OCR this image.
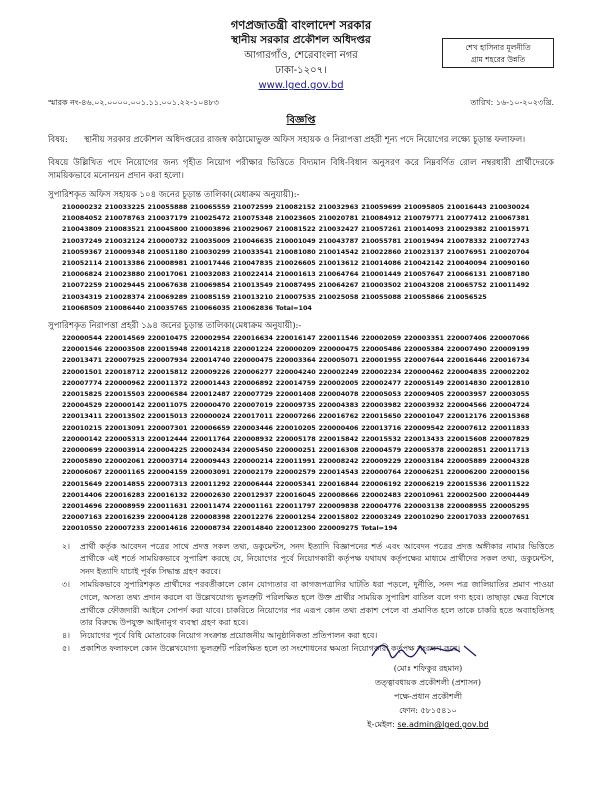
গণপ্রজাতন্ত্রী বাংলাদেশ সরকার
স্থানীয় সরকার প্রকৌশল অধিদপ্তর
আগারগাঁও, শেরেবাংলা নগর
ঢাকা-১২০৭।
www.lged.gov.bd
শেখ হাসিনার মূলনীতি
গ্রাম শহরের উন্নতি
স্মারক নং-৪৬.০২.০০০০.০০১.১১.০০১.২২-১০৪৮৩	তারিখ: ১৬-১০-২০২৩খ্রি.
বিজ্ঞপ্তি
বিষয়:	স্থানীয় সরকার প্রকৌশল অধিদপ্তরের রাজস্ব কাঠামোভুক্ত অফিস সহায়ক ও নিরাপত্তা প্রহরী শূন্য পদে নিয়োগের লক্ষ্যে চূড়ান্ত ফলাফল।
বিষয়ে উল্লিখিত পদে নিয়োগের জন্য গৃহীত নিয়োগ পরীক্ষার ভিত্তিতে বিদ্যমান বিধি-বিধান অনুসরণ করে নিম্নবর্ণিত রোল নম্বরধারী প্রার্থীদেরকে সাময়িকভাবে মনোনয়ন প্রদান করা হলো।
সুপারিশকৃত অফিস সহায়ক ১০৪ জনের চূড়ান্ত তালিকা(মেধাক্রম অনুযায়ী):-
210000232 210033225 210055888 210065559 210072599 210082152 210032963 210059699 210095805 210016443 210030024
210084052 210078763 210037179 210025472 210075348 210023605 210020781 210084912 210079771 210077412 210067381
210043809 210083521 210045800 210003896 210029067 210081522 210032427 210057261 210014093 210029382 210015971
210037249 210032124 210000732 210035009 210046635 210001049 210043787 210055781 210019494 210078332 210072743
210059367 210009348 210051180 210030299 210033541 210081080 210014542 210022860 210023137 210076951 210020704
210052114 210013386 210008981 210017446 210047835 210026605 210013612 210014086 210042142 210040094 210090160
210006824 210023880 210017061 210032083 210022414 210001613 210064764 210001449 210057647 210066131 210087180
210072259 210029445 210067638 210069854 210013549 210087495 210064267 210003502 210043208 210065752 210011492
210034319 210028374 210069289 210085159 210013210 210007535 210025058 210055088 210055866 210056525
210068509 210086440 210035765 210066035 210062836 Total=104
সুপারিশকৃত নিরাপত্তা প্রহরী ১৯৪ জনের চূড়ান্ত তালিকা(মেধাক্রম অনুযায়ী):-
220000544 220014569 220010475 220002954 220016634 220016147 220011546 220002059 220003351 220007406 220007066
220001546 220003508 220015948 220014218 220001224 220000209 220000475 220005486 220005384 220007490 220009199
220013471 220007925 220007934 220014740 220000475 220003364 220005071 220001955 220007644 220016446 220016734
220001501 220018712 220015812 220009226 220006277 220004240 220002249 220002234 220000462 220004835 220002202
220007774 220000962 220011372 220001443 220006892 220014759 220002005 220002477 220005149 220014830 220012810
220015825 220015503 220006584 220012487 220007729 220001408 220004078 220005053 220009405 220003957 220003055
220004529 220000142 220011075 220000470 220007019 220009735 220004383 220003982 220003932 220004566 220004724
220013411 220013502 220015013 220000024 220017011 220007266 220016762 220015650 220001047 220012176 220015368
220010215 220013091 220007301 220006659 220003446 220010205 220000406 220013716 220009542 220007612 220011833
220000142 220005313 220012444 220011764 220008932 220005178 220015842 220015532 220013433 220015608 220007829
220000699 220003914 220004225 220002434 220005450 220000251 220016308 220004579 220005378 220002851 220011713
220005890 220002061 220003714 220009443 220000214 220011991 220008242 220009229 220003184 220005889 220004328
220006067 220001165 220004159 220003091 220002179 220002579 220014543 220000764 220006251 220006200 220000156
220015649 220014855 220007313 220011292 220006444 220005341 220016844 220006192 220006219 220015536 220011522
220014406 220016283 220016132 220002630 220012937 220016045 220008666 220002483 220010961 220002500 220004449
220014696 220008959 220011631 220011474 220001161 220011797 220009838 220004776 220003138 220008955 220005295
220007163 220016239 220004128 220008398 220012276 220001254 220015802 220003249 220010290 220017033 220007651
220010550 220007233 220014616 220008734 220014840 220012300 220009275 Total=194
২।	প্রার্থী কর্তৃক আবেদন পত্রের সাথে প্রদত্ত সকল তথ্য, ডকুমেন্টস, সনদ ইত্যাদি বিজ্ঞাপনের শর্ত এবং আবেদন পত্রের প্রদত্ত অঙ্গীকার নামার ভিত্তিতে প্রার্থীকে এই শর্তে সাময়িকভাবে সুপারিশ করছে যে, নিয়োগের পূর্বে নিয়োগকারী কর্তৃপক্ষ যথাযথ কর্তৃপক্ষের মাধ্যমে প্রার্থীদের সকল তথ্য, ডকুমেন্টস, সনদ ইত্যাদি যাচাই পূর্বক সিদ্ধান্ত গ্রহণ করবে।
৩।	সাময়িকভাবে সুপারিশকৃত প্রার্থীদের পরবর্তীকালে কোন যোগ্যতার বা কাগজপত্রাদির ঘাটতি ধরা পড়লে, দুর্নীতি, সনদ পত্র জালিয়াতির প্রমাণ পাওয়া গেলে, অসত্য তথ্য প্রদান করলে বা উল্লেখযোগ্য ভুলত্রুটি পরিলক্ষিত হলে উক্ত প্রার্থীর সাময়িক সুপারিশ বাতিল বলে গণ্য হবে। তাছাড়া ক্ষেত্র বিশেষে প্রার্থীকে ফৌজদারী আইনে সোপর্দ করা যাবে। চাকরিতে নিয়োগের পর এরূপ কোন তথ্য প্রকাশ পেলে বা প্রমাণিত হলে তাকে চাকরি হতে অব্যাহতিসহ তার বিরুদ্ধে উপযুক্ত আইনানুগ ব্যবস্থা গ্রহণ করা হবে।
৪।	নিয়োগের পূর্বে বিধি মোতাবেক নিয়োগ সংক্রান্ত প্রয়োজনীয় আনুষ্ঠানিকতা প্রতিপালন করা হবে।
৫।	প্রকাশিত ফলাফলে কোন উল্লেখযোগ্য ভুলত্রুটি পরিলক্ষিত হলে তা সংশোধনের ক্ষমতা নিয়োগকারী কর্তৃপক্ষ সংরক্ষণ করে।
(মোঃ শফিকুর রহমান)
তত্ত্বাবধায়ক প্রকৌশলী (প্রশাসন)
পক্ষে-প্রধান প্রকৌশলী
ফোন: ৫৮১৫৪১০
ই-মেইল: se.admin@lged.gov.bd
